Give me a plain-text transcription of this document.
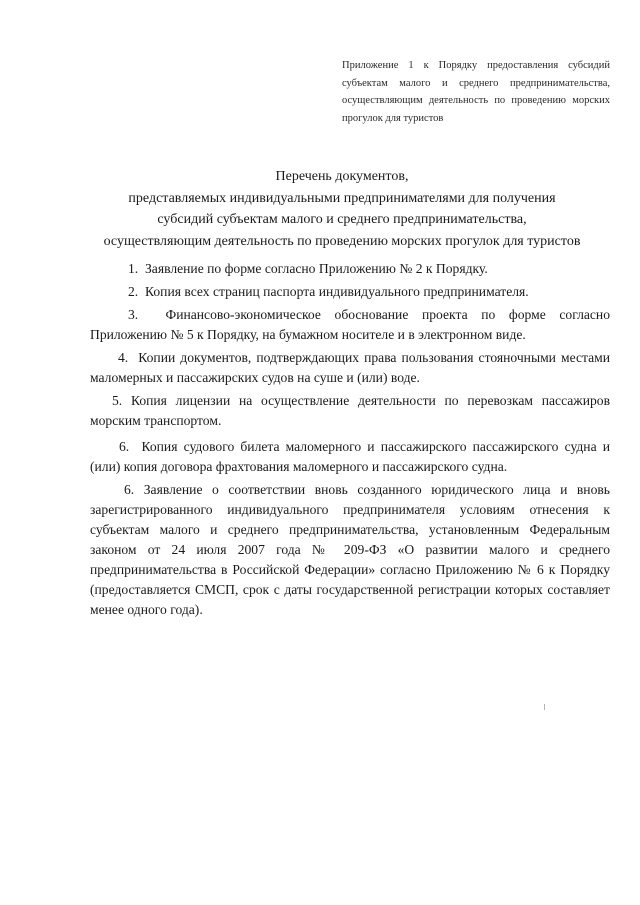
Приложение 1 к Порядку предоставления субсидий субъектам малого и среднего предпринимательства, осуществляющим деятельность по проведению морских прогулок для туристов
Перечень документов,
представляемых индивидуальными предпринимателями для получения
субсидий субъектам малого и среднего предпринимательства,
осуществляющим деятельность по проведению морских прогулок для туристов

1. Заявление по форме согласно Приложению № 2 к Порядку.

2. Копия всех страниц паспорта индивидуального предпринимателя.

3. Финансово-экономическое обоснование проекта по форме согласно Приложению № 5 к Порядку, на бумажном носителе и в электронном виде.

4. Копии документов, подтверждающих права пользования стояночными местами маломерных и пассажирских судов на суше и (или) воде.

5. Копия лицензии на осуществление деятельности по перевозкам пассажиров морским транспортом.

6. Копия судового билета маломерного и пассажирского пассажирского судна и (или) копия договора фрахтования маломерного и пассажирского судна.

6. Заявление о соответствии вновь созданного юридического лица и вновь зарегистрированного индивидуального предпринимателя условиям отнесения к субъектам малого и среднего предпринимательства, установленным Федеральным законом от 24 июля 2007 года № 209-ФЗ «О развитии малого и среднего предпринимательства в Российской Федерации» согласно Приложению № 6 к Порядку (предоставляется СМСП, срок с даты государственной регистрации которых составляет менее одного года).
